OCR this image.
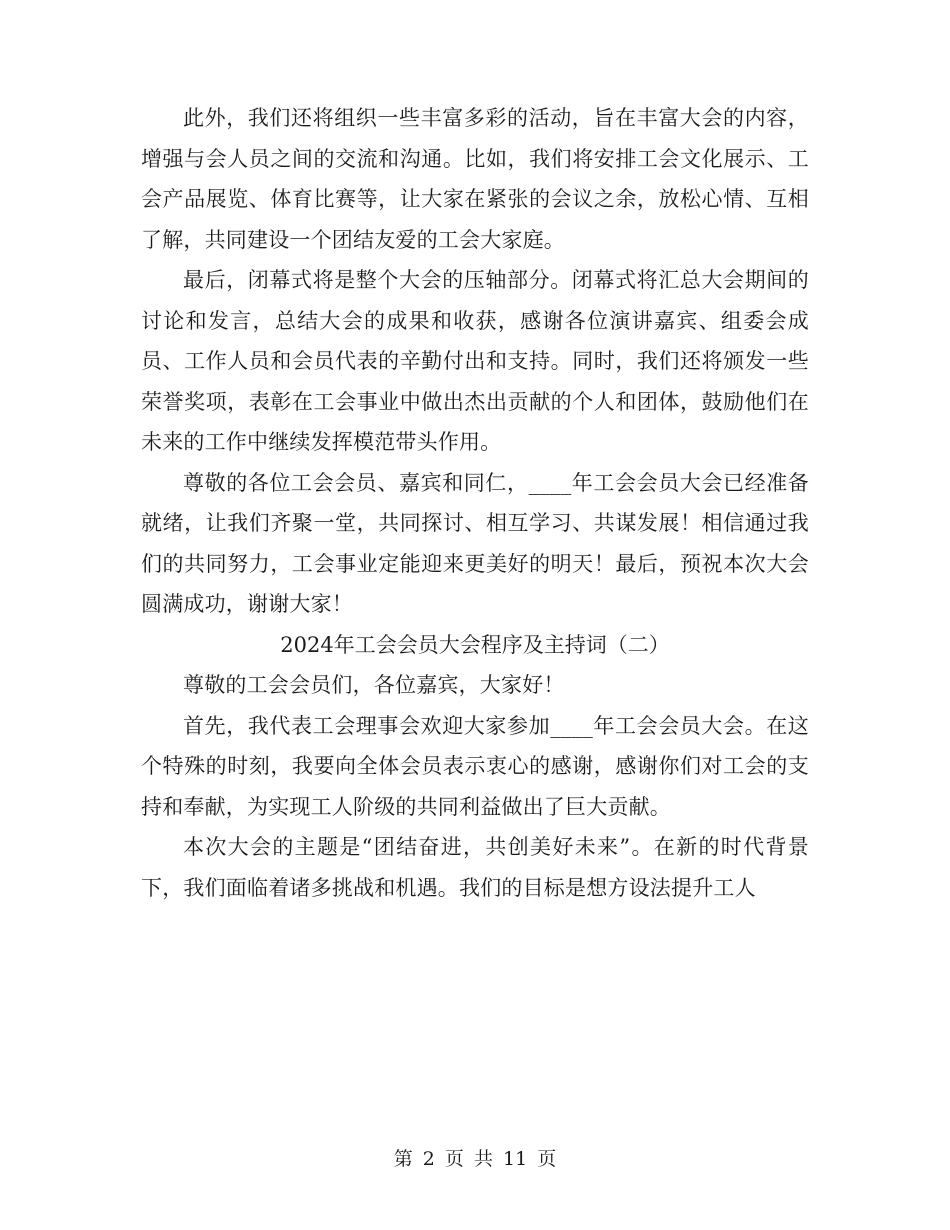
此外，我们还将组织一些丰富多彩的活动，旨在丰富大会的内容，增强与会人员之间的交流和沟通。比如，我们将安排工会文化展示、工会产品展览、体育比赛等，让大家在紧张的会议之余，放松心情、互相了解，共同建设一个团结友爱的工会大家庭。

最后，闭幕式将是整个大会的压轴部分。闭幕式将汇总大会期间的讨论和发言，总结大会的成果和收获，感谢各位演讲嘉宾、组委会成员、工作人员和会员代表的辛勤付出和支持。同时，我们还将颁发一些荣誉奖项，表彰在工会事业中做出杰出贡献的个人和团体，鼓励他们在未来的工作中继续发挥模范带头作用。

尊敬的各位工会会员、嘉宾和同仁，____年工会会员大会已经准备就绪，让我们齐聚一堂，共同探讨、相互学习、共谋发展！相信通过我们的共同努力，工会事业定能迎来更美好的明天！最后，预祝本次大会圆满成功，谢谢大家！

2024年工会会员大会程序及主持词（二）

尊敬的工会会员们，各位嘉宾，大家好！

首先，我代表工会理事会欢迎大家参加____年工会会员大会。在这个特殊的时刻，我要向全体会员表示衷心的感谢，感谢你们对工会的支持和奉献，为实现工人阶级的共同利益做出了巨大贡献。

本次大会的主题是“团结奋进，共创美好未来”。在新的时代背景下，我们面临着诸多挑战和机遇。我们的目标是想方设法提升工人

第 2 页 共 11 页
